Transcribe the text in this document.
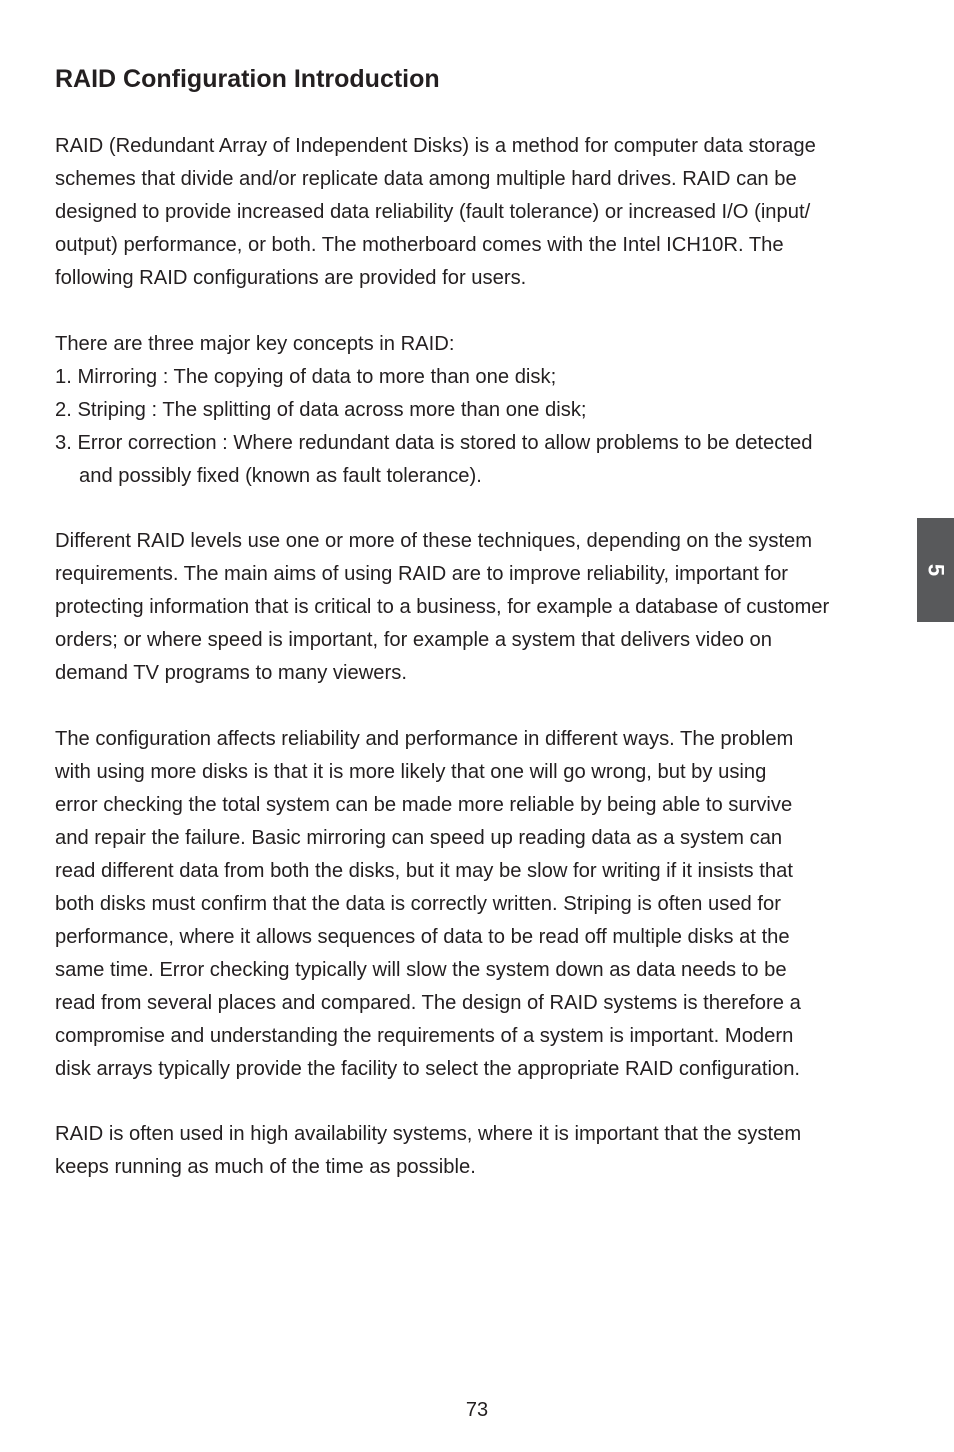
RAID Configuration Introduction
RAID (Redundant Array of Independent Disks) is a method for computer data storage
schemes that divide and/or replicate data among multiple hard drives. RAID can be
designed to provide increased data reliability (fault tolerance) or increased I/O (input/
output) performance, or both. The motherboard comes with the Intel ICH10R. The
following RAID configurations are provided for users.
There are three major key concepts in RAID:
1. Mirroring : The copying of data to more than one disk;
2. Striping : The splitting of data across more than one disk;
3. Error correction : Where redundant data is stored to allow problems to be detected
and possibly fixed (known as fault tolerance).
Different RAID levels use one or more of these techniques, depending on the system
requirements. The main aims of using RAID are to improve reliability, important for
protecting information that is critical to a business, for example a database of customer
orders; or where speed is important, for example a system that delivers video on
demand TV programs to many viewers.
The configuration affects reliability and performance in different ways. The problem
with using more disks is that it is more likely that one will go wrong, but by using
error checking the total system can be made more reliable by being able to survive
and repair the failure. Basic mirroring can speed up reading data as a system can
read different data from both the disks, but it may be slow for writing if it insists that
both disks must confirm that the data is correctly written. Striping is often used for
performance, where it allows sequences of data to be read off multiple disks at the
same time. Error checking typically will slow the system down as data needs to be
read from several places and compared. The design of RAID systems is therefore a
compromise and understanding the requirements of a system is important. Modern
disk arrays typically provide the facility to select the appropriate RAID configuration.
RAID is often used in high availability systems, where it is important that the system
keeps running as much of the time as possible.
5
73
